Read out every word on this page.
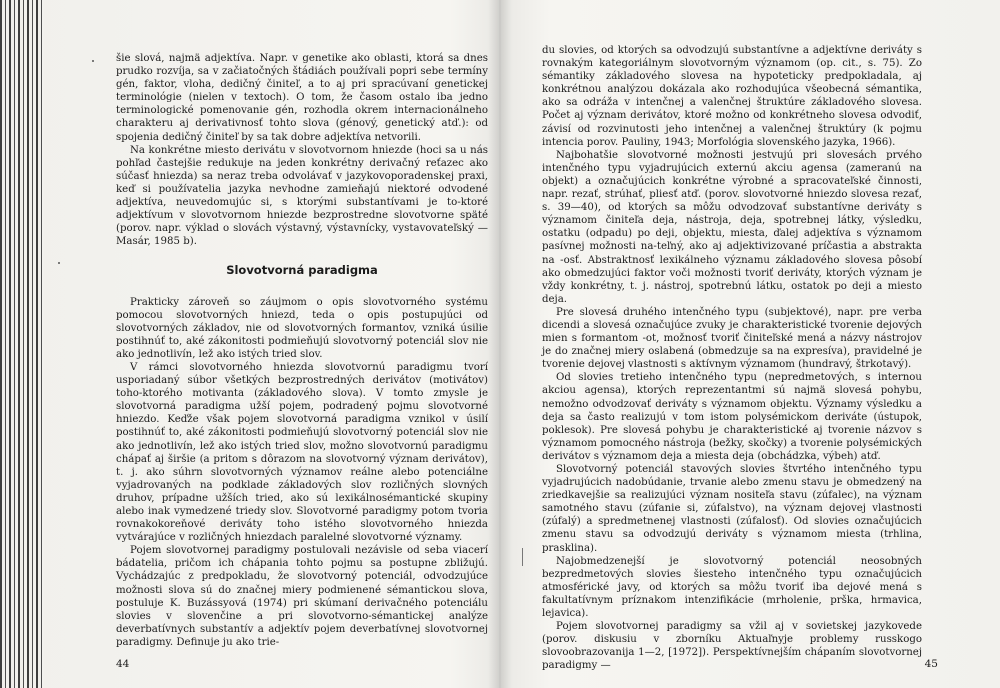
šie slová, najmä adjektíva. Napr. v genetike ako oblasti, ktorá sa dnes prudko rozvíja, sa v začiatočných štádiách používali popri sebe termíny gén, faktor, vloha, dedičný činiteľ, a to aj pri spracúvaní genetickej terminológie (nielen v textoch). O tom, že časom ostalo iba jedno terminologické pomenovanie gén, rozhodla okrem internacionálneho charakteru aj derivativnosť tohto slova (génový, genetický atď.): od spojenia dedičný činiteľ by sa tak dobre adjektíva netvorili.

Na konkrétne miesto derivátu v slovotvornom hniezde (hoci sa u nás pohľad častejšie redukuje na jeden konkrétny derivačný reťazec ako súčasť hniezda) sa neraz treba odvolávať v jazykovoporadenskej praxi, keď si používatelia jazyka nevhodne zamieňajú niektoré odvodené adjektíva, neuvedomujúc si, s ktorými substantívami je to-ktoré adjektívum v slovotvornom hniezde bezprostredne slovotvorne späté (porov. napr. výklad o slovách výstavný, výstavnícky, vystavovateľský — Masár, 1985 b).

Slovotvorná paradigma

Prakticky zároveň so záujmom o opis slovotvorného systému pomocou slovotvorných hniezd, teda o opis postupujúci od slovotvorných základov, nie od slovotvorných formantov, vzniká úsilie postihnúť to, aké zákonitosti podmieňujú slovotvorný potenciál slov nie ako jednotlivín, lež ako istých tried slov.

V rámci slovotvorného hniezda slovotvornú paradigmu tvorí usporiadaný súbor všetkých bezprostredných derivátov (motivátov) toho-ktorého motivanta (základového slova). V tomto zmysle je slovotvorná paradigma užší pojem, podradený pojmu slovotvorné hniezdo. Keďže však pojem slovotvorná paradigma vznikol v úsilí postihnúť to, aké zákonitosti podmieňujú slovotvorný potenciál slov nie ako jednotlivín, lež ako istých tried slov, možno slovotvornú paradigmu chápať aj širšie (a pritom s dôrazom na slovotvorný význam derivátov), t. j. ako súhrn slovotvorných významov reálne alebo potenciálne vyjadrovaných na podklade základových slov rozličných slovných druhov, prípadne užších tried, ako sú lexikálnosémantické skupiny alebo inak vymedzené triedy slov. Slovotvorné paradigmy potom tvoria rovnakokoreňové deriváty toho istého slovotvorného hniezda vytvárajúce v rozličných hniezdach paralelné slovotvorné významy.

Pojem slovotvornej paradigmy postulovali nezávisle od seba viacerí bádatelia, pričom ich chápania tohto pojmu sa postupne zbližujú. Vychádzajúc z predpokladu, že slovotvorný potenciál, odvodzujúce možnosti slova sú do značnej miery podmienené sémantickou slova, postuluje K. Buzássyová (1974) pri skúmaní derivačného potenciálu slovies v slovenčine a pri slovotvorno-sémantickej analýze deverbatívnych substantív a adjektív pojem deverbatívnej slovotvornej paradigmy. Definuje ju ako trie-

44

du slovies, od ktorých sa odvodzujú substantívne a adjektívne deriváty s rovnakým kategoriálnym slovotvorným významom (op. cit., s. 75). Zo sémantiky základového slovesa na hypoteticky predpokladala, aj konkrétnou analýzou dokázala ako rozhodujúca všeobecná sémantika, ako sa odráža v intenčnej a valenčnej štruktúre základového slovesa. Počet aj význam derivátov, ktoré možno od konkrétneho slovesa odvodiť, závisí od rozvinutosti jeho intenčnej a valenčnej štruktúry (k pojmu intencia porov. Pauliny, 1943; Morfológia slovenského jazyka, 1966).

Najbohatšie slovotvorné možnosti jestvujú pri slovesách prvého intenčného typu vyjadrujúcich externú akciu agensa (zameranú na objekt) a označujúcich konkrétne výrobné a spracovateľské činnosti, napr. rezať, strúhať, pliesť atď. (porov. slovotvorné hniezdo slovesa rezať, s. 39—40), od ktorých sa môžu odvodzovať substantívne deriváty s významom činiteľa deja, nástroja, deja, spotrebnej látky, výsledku, ostatku (odpadu) po deji, objektu, miesta, ďalej adjektíva s významom pasívnej možnosti na-teľný, ako aj adjektivizované príčastia a abstrakta na -osť. Abstraktnosť lexikálneho významu základového slovesa pôsobí ako obmedzujúci faktor voči možnosti tvoriť deriváty, ktorých význam je vždy konkrétny, t. j. nástroj, spotrebnú látku, ostatok po deji a miesto deja.

Pre slovesá druhého intenčného typu (subjektové), napr. pre verba dicendi a slovesá označujúce zvuky je charakteristické tvorenie dejových mien s formantom -ot, možnosť tvoriť činiteľské mená a názvy nástrojov je do značnej miery oslabená (obmedzuje sa na expresíva), pravidelné je tvorenie dejovej vlastnosti s aktívnym významom (hundravý, štrkotavý).

Od slovies tretieho intenčného typu (nepredmetových, s internou akciou agensa), ktorých reprezentantmi sú najmä slovesá pohybu, nemožno odvodzovať deriváty s významom objektu. Významy výsledku a deja sa často realizujú v tom istom polysémickom deriváte (ústupok, poklesok). Pre slovesá pohybu je charakteristické aj tvorenie názvov s významom pomocného nástroja (bežky, skočky) a tvorenie polysémických derivátov s významom deja a miesta deja (obchádzka, výbeh) atď.

Slovotvorný potenciál stavových slovies štvrtého intenčného typu vyjadrujúcich nadobúdanie, trvanie alebo zmenu stavu je obmedzený na zriedkavejšie sa realizujúci význam nositeľa stavu (zúfalec), na význam samotného stavu (zúfanie si, zúfalstvo), na význam dejovej vlastnosti (zúfalý) a spredmetnenej vlastnosti (zúfalosť). Od slovies označujúcich zmenu stavu sa odvodzujú deriváty s významom miesta (trhlina, prasklina).

Najobmedzenejší je slovotvorný potenciál neosobných bezpredmetových slovies šiesteho intenčného typu označujúcich atmosférické javy, od ktorých sa môžu tvoriť iba dejové mená s fakultatívnym príznakom intenzifikácie (mrholenie, prška, hrmavica, lejavica).

Pojem slovotvornej paradigmy sa vžil aj v sovietskej jazykovede (porov. diskusiu v zborníku Aktuaľnyje problemy russkogo slovoobrazovanija 1—2, [1972]). Perspektívnejším chápaním slovotvornej paradigmy —	45
